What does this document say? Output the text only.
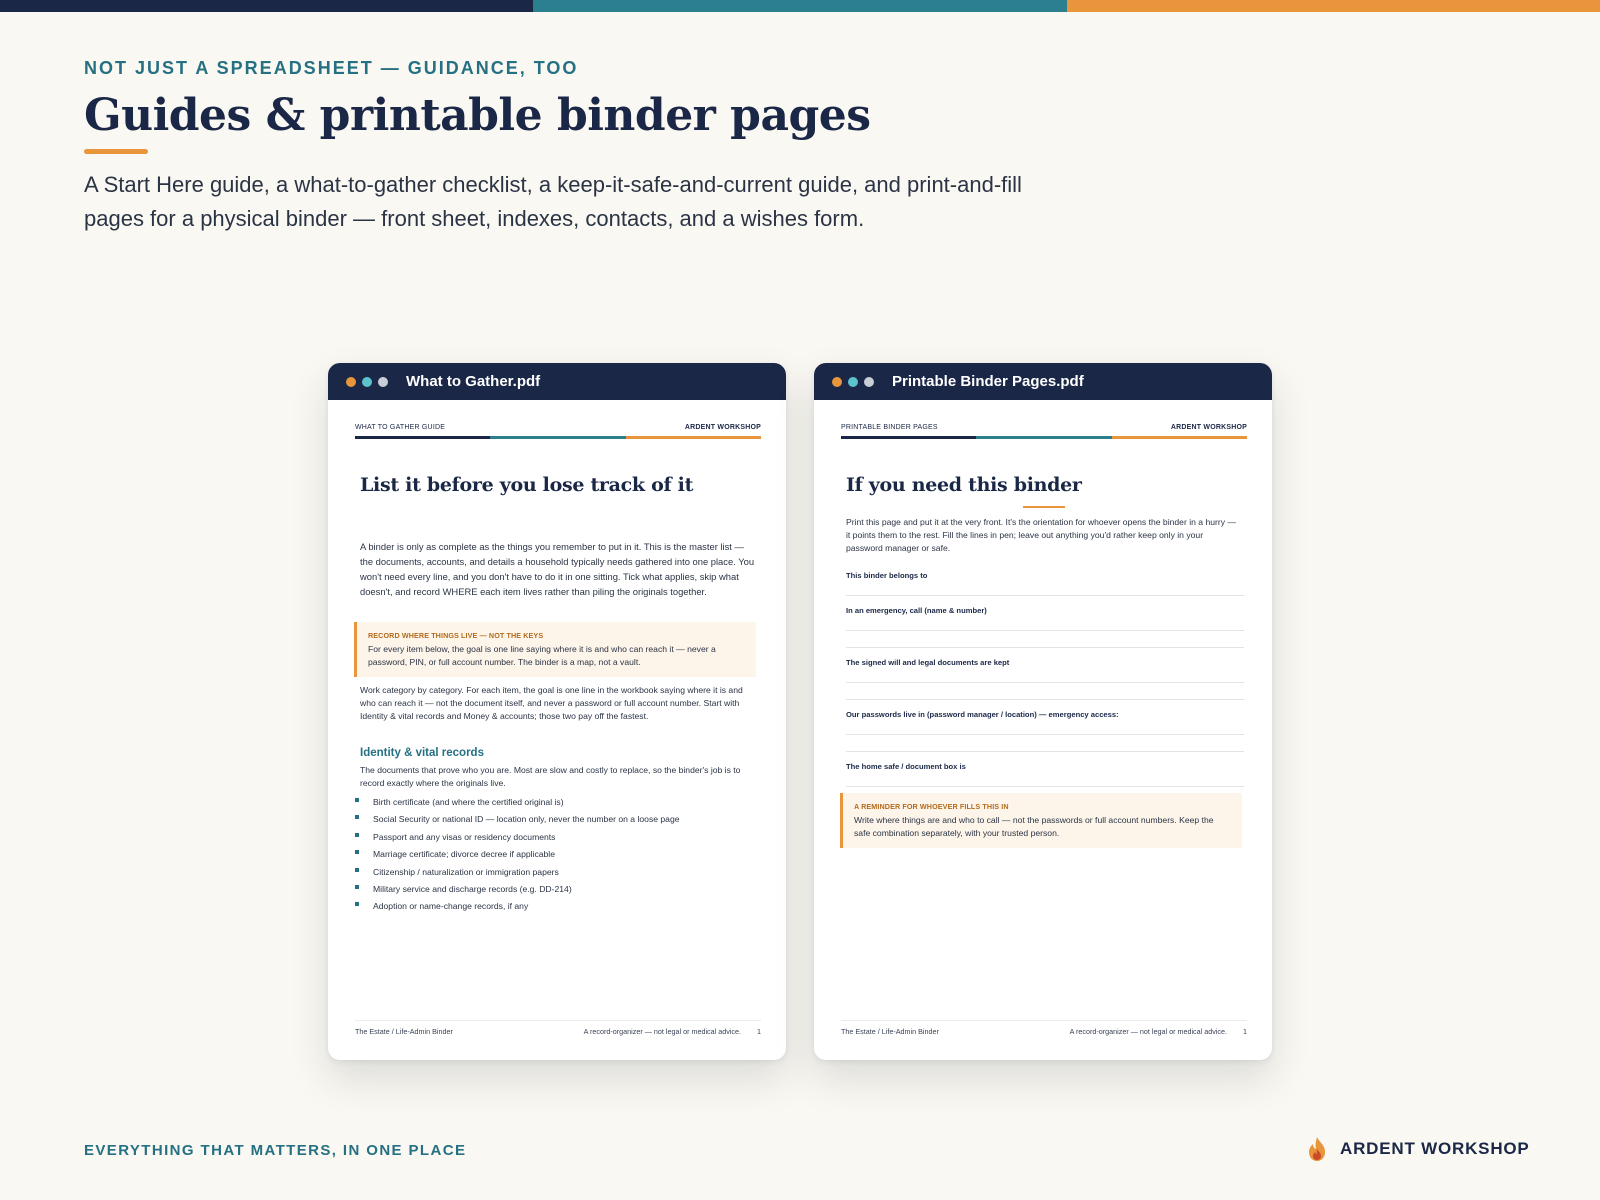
NOT JUST A SPREADSHEET — GUIDANCE, TOO
Guides & printable binder pages

A Start Here guide, a what-to-gather checklist, a keep-it-safe-and-current guide, and print-and-fill pages for a physical binder — front sheet, indexes, contacts, and a wishes form.

What to Gather.pdf
WHAT TO GATHER GUIDE	ARDENT WORKSHOP
List it before you lose track of it

A binder is only as complete as the things you remember to put in it. This is the master list — the documents, accounts, and details a household typically needs gathered into one place. You won't need every line, and you don't have to do it in one sitting. Tick what applies, skip what doesn't, and record WHERE each item lives rather than piling the originals together.

RECORD WHERE THINGS LIVE — NOT THE KEYS
For every item below, the goal is one line saying where it is and who can reach it — never a password, PIN, or full account number. The binder is a map, not a vault.

Work category by category. For each item, the goal is one line in the workbook saying where it is and who can reach it — not the document itself, and never a password or full account number. Start with Identity & vital records and Money & accounts; those two pay off the fastest.

Identity & vital records

The documents that prove who you are. Most are slow and costly to replace, so the binder's job is to record exactly where the originals live.

Birth certificate (and where the certified original is)
Social Security or national ID — location only, never the number on a loose page
Passport and any visas or residency documents
Marriage certificate; divorce decree if applicable
Citizenship / naturalization or immigration papers
Military service and discharge records (e.g. DD-214)
Adoption or name-change records, if any
The Estate / Life-Admin Binder	A record-organizer — not legal or medical advice. 1
Printable Binder Pages.pdf
PRINTABLE BINDER PAGES	ARDENT WORKSHOP
If you need this binder

Print this page and put it at the very front. It's the orientation for whoever opens the binder in a hurry — it points them to the rest. Fill the lines in pen; leave out anything you'd rather keep only in your password manager or safe.

This binder belongs to
In an emergency, call (name & number)
The signed will and legal documents are kept
Our passwords live in (password manager / location) — emergency access:
The home safe / document box is
A REMINDER FOR WHOEVER FILLS THIS IN
Write where things are and who to call — not the passwords or full account numbers. Keep the safe combination separately, with your trusted person.
The Estate / Life-Admin Binder	A record-organizer — not legal or medical advice. 1
EVERYTHING THAT MATTERS, IN ONE PLACE	ARDENT WORKSHOP
